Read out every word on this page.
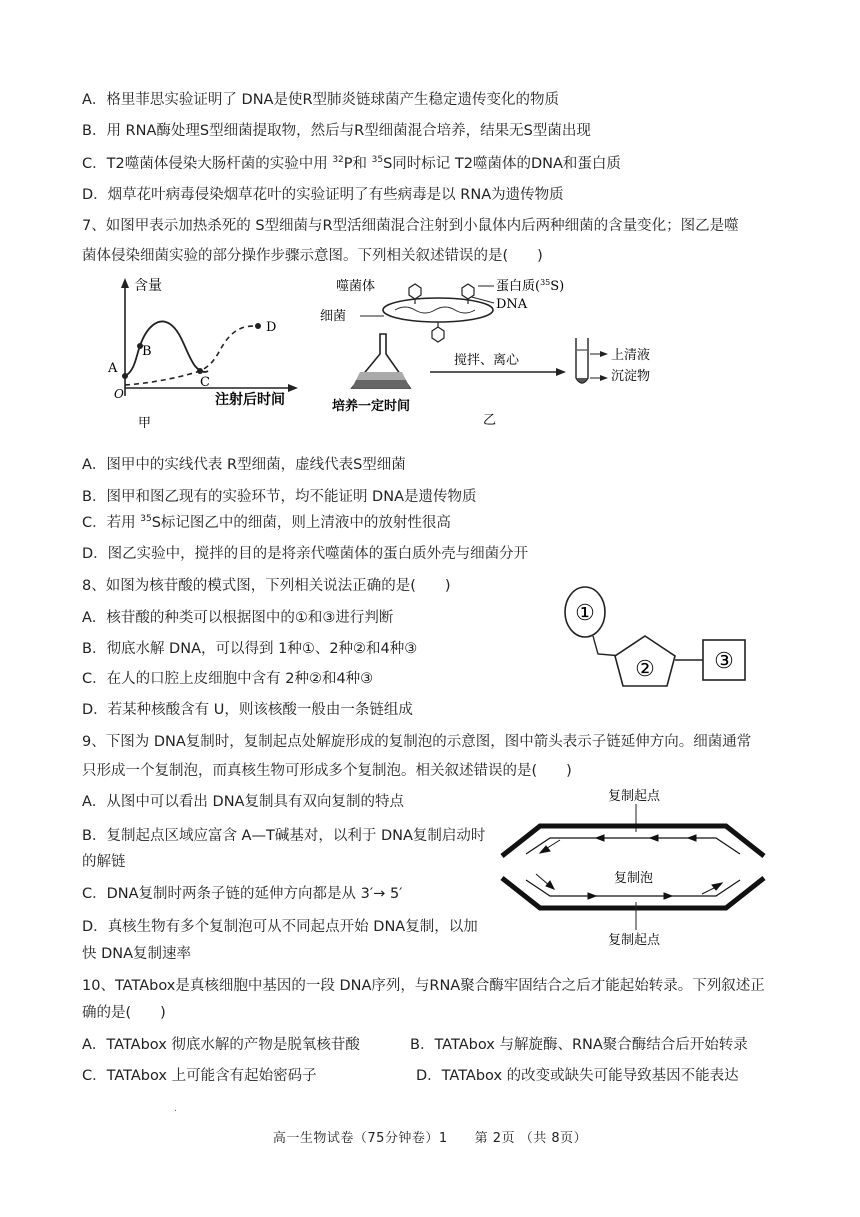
A．格里菲思实验证明了 DNA是使R型肺炎链球菌产生稳定遗传变化的物质
B．用 RNA酶处理S型细菌提取物，然后与R型细菌混合培养，结果无S型菌出现
C．T2噬菌体侵染大肠杆菌的实验中用 $^{32}$P和 $^{35}$S同时标记 T2噬菌体的DNA和蛋白质
D．烟草花叶病毒侵染烟草花叶的实验证明了有些病毒是以 RNA为遗传物质
7、如图甲表示加热杀死的 S型细菌与R型活细菌混合注射到小鼠体内后两种细菌的含量变化；图乙是噬
菌体侵染细菌实验的部分操作步骤示意图。下列相关叙述错误的是(　　)
含量
O	注射后时间
甲
A
B
C
D
噬菌体
细菌
蛋白质($^{35}$S)
DNA
培养一定时间
搅拌、离心	上清液
沉淀物
乙
A．图甲中的实线代表 R型细菌，虚线代表S型细菌
B．图甲和图乙现有的实验环节，均不能证明 DNA是遗传物质
C．若用 $^{35}$S标记图乙中的细菌，则上清液中的放射性很高
D．图乙实验中，搅拌的目的是将亲代噬菌体的蛋白质外壳与细菌分开
8、如图为核苷酸的模式图，下列相关说法正确的是(　　)
A．核苷酸的种类可以根据图中的①和③进行判断
B．彻底水解 DNA，可以得到 1种①、2种②和4种③
C．在人的口腔上皮细胞中含有 2种②和4种③
D．若某种核酸含有 U，则该核酸一般由一条链组成
①
②	③
9、下图为 DNA复制时，复制起点处解旋形成的复制泡的示意图，图中箭头表示子链延伸方向。细菌通常
只形成一个复制泡，而真核生物可形成多个复制泡。相关叙述错误的是(　　)
A．从图中可以看出 DNA复制具有双向复制的特点
B．复制起点区域应富含 A—T碱基对，以利于 DNA复制启动时
的解链
C．DNA复制时两条子链的延伸方向都是从 3′→ 5′
D．真核生物有多个复制泡可从不同起点开始 DNA复制，以加
快 DNA复制速率
复制起点
复制泡
复制起点
10、TATAbox是真核细胞中基因的一段 DNA序列，与RNA聚合酶牢固结合之后才能起始转录。下列叙述正
确的是(　　)
A．TATAbox 彻底水解的产物是脱氧核苷酸	B．TATAbox 与解旋酶、RNA聚合酶结合后开始转录
C．TATAbox 上可能含有起始密码子	D．TATAbox 的改变或缺失可能导致基因不能表达
.
高一生物试卷（75分钟卷）1　　第 2页 （共 8页）
